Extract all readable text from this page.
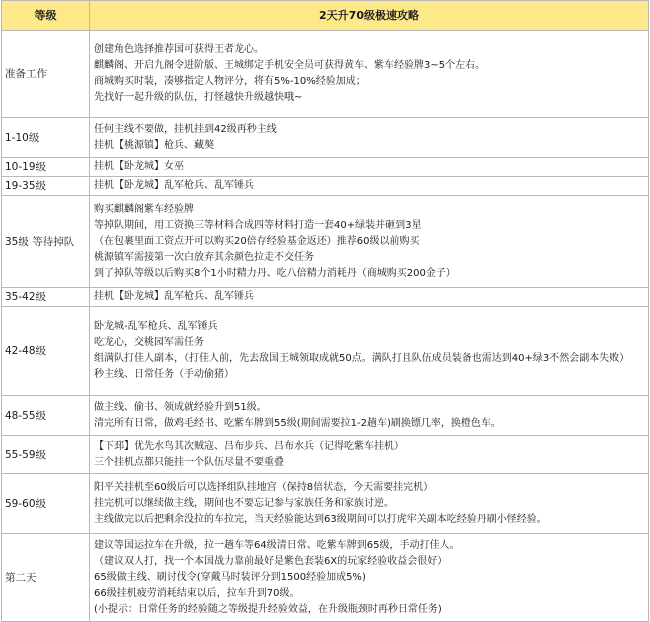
等级	2天升70级极速攻略
准备工作	创建角色选择推荐国可获得王者龙心。
麒麟阁、开启九阁令进阶版、王城绑定手机安全员可获得黄车、紫车经验牌3~5个左右。
商城购买时装，凑够指定人物评分，将有5%-10%经验加成；
先找好一起升级的队伍，打怪越快升级越快哦~

1-10级	任何主线不要做，挂机挂到42级再秒主线
挂机【桃源镇】枪兵、藏獒

10-19级	挂机【卧龙城】女巫

19-35级	挂机【卧龙城】乱军枪兵、乱军锤兵

35级 等待掉队	购买麒麟阁紫车经验牌
等掉队期间，用工资换三等材料合成四等材料打造一套40+绿装并砸到3星
（在包裹里面工资点开可以购买20倍存经验基金返还）推荐60级以前购买
桃源镇军需接第一次白放弃其余颜色拉走不交任务
到了掉队等级以后购买8个1小时精力丹、吃八倍精力消耗丹（商城购买200金子）

35-42级	挂机【卧龙城】乱军枪兵、乱军锤兵

42-48级	卧龙城-乱军枪兵、乱军锤兵
吃龙心，交桃园军需任务
组满队打佳人副本，（打佳人前，先去敌国王城领取成就50点。满队打且队伍成员装备也需达到40+绿3不然会副本失败）
秒主线、日常任务（手动偷猪）

48-55级	做主线、偷书、领成就经验升到51级。
清完所有日常，做鸡毛经书、吃紫车牌到55级(期间需要拉1-2趟车)刷换镖几率，换橙色车。

55-59级	【下邳】优先水鸟其次贼寇、吕布步兵、吕布水兵（记得吃紫车挂机）
三个挂机点都只能挂一个队伍尽量不要重叠

59-60级	阳平关挂机至60级后可以选择组队挂地宫（保持8倍状态，今天需要挂完机）
挂完机可以继续做主线，期间也不要忘记参与家族任务和家族讨逆。
主线做完以后把剩余没拉的车拉完，当天经验能达到63级期间可以打虎牢关副本吃经验丹刷小怪经验。

第二天	建议等国运拉车在升级，拉一趟车等64级清日常、吃紫车牌到65级，手动打佳人。
（建议双人打，找一个本国战力靠前最好是紫色套装6X的玩家经验收益会很好）
65级做主线、刷讨伐令(穿戴马时装评分到1500经验加成5%)
66级挂机疲劳消耗结束以后，拉车升到70级。
(小提示：日常任务的经验随之等级提升经验效益，在升级瓶颈时再秒日常任务)
